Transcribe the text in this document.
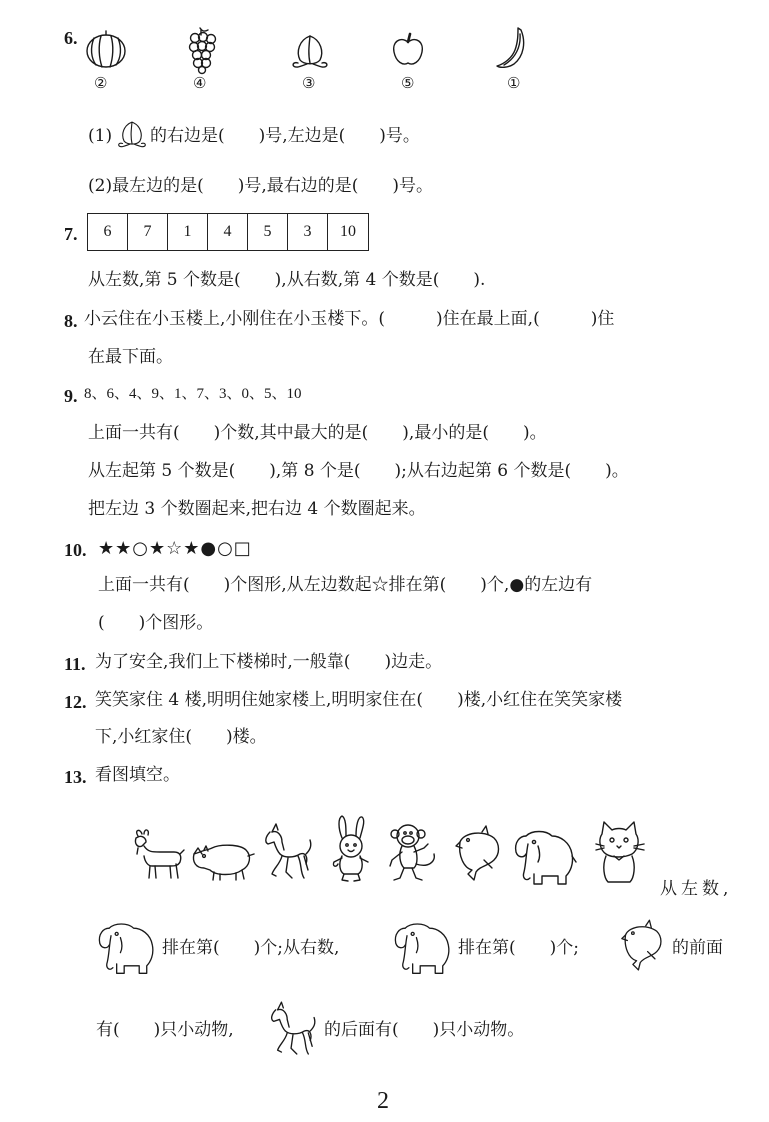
6.
②	④	③	⑤	①
(1) 的右边是(　　)号,左边是(　　)号。
(2)最左边的是(　　)号,最右边的是(　　)号。
7.	6	7	1	4	5	3	10
从左数,第 5 个数是(　　),从右数,第 4 个数是(　　).
8. 小云住在小玉楼上,小刚住在小玉楼下。(　　　)住在最上面,(　　　)住
在最下面。
9. 8、6、4、9、1、7、3、0、5、10
上面一共有(　　)个数,其中最大的是(　　),最小的是(　　)。
从左起第 5 个数是(　　),第 8 个是(　　);从右边起第 6 个数是(　　)。
把左边 3 个数圈起来,把右边 4 个数圈起来。
10. ★★○★☆★●○□
上面一共有(　　)个图形,从左边数起☆排在第(　　)个,●的左边有
(　　)个图形。
11. 为了安全,我们上下楼梯时,一般靠(　　)边走。
12. 笑笑家住 4 楼,明明住她家楼上,明明家住在(　　)楼,小红住在笑笑家楼
下,小红家住(　　)楼。
13. 看图填空。
从左数,
排在第(　　)个;从右数,	排在第(　　)个;	的前面
有(　　)只小动物,	的后面有(　　)只小动物。
2
